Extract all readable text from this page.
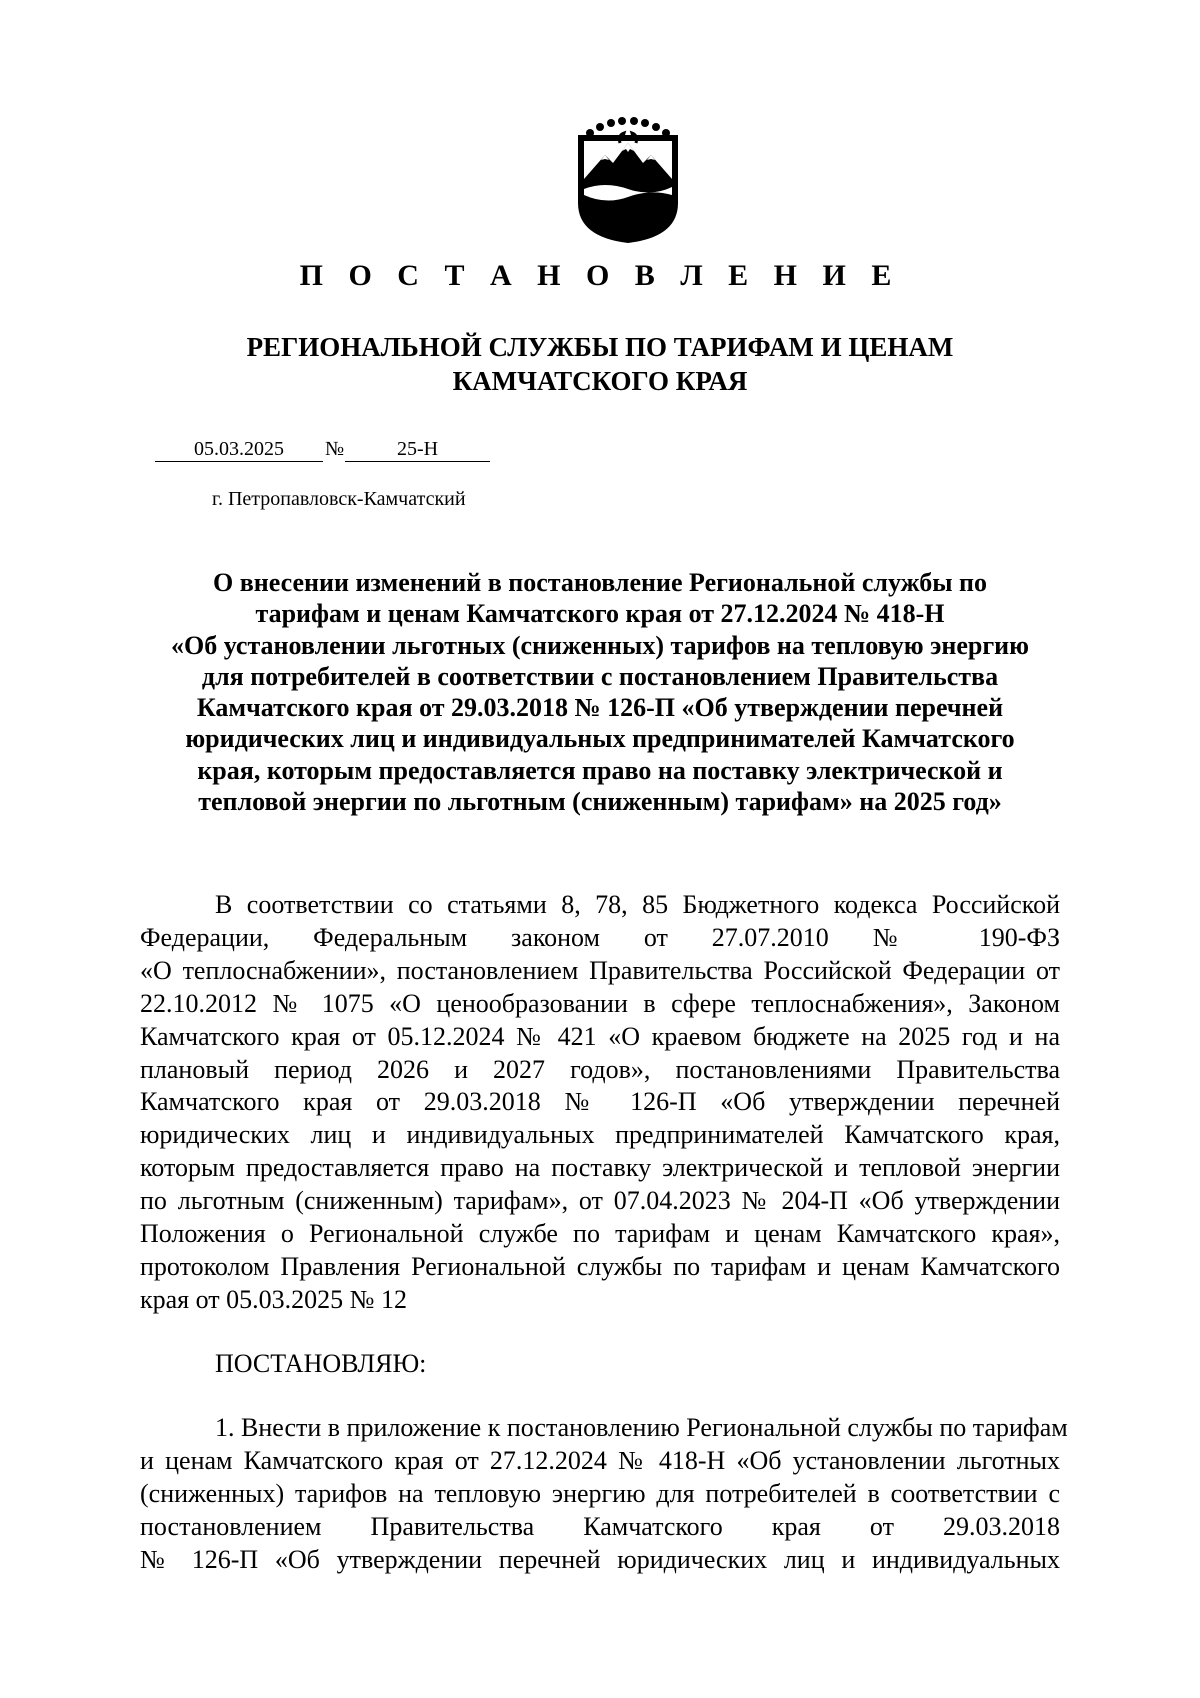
П О С Т А Н О В Л Е Н И Е
РЕГИОНАЛЬНОЙ СЛУЖБЫ ПО ТАРИФАМ И ЦЕНАМ
КАМЧАТСКОГО КРАЯ
05.03.2025 №	25-Н
г. Петропавловск-Камчатский
О внесении изменений в постановление Региональной службы по
тарифам и ценам Камчатского края от 27.12.2024 № 418-Н
«Об установлении льготных (сниженных) тарифов на тепловую энергию
для потребителей в соответствии с постановлением Правительства
Камчатского края от 29.03.2018 № 126-П «Об утверждении перечней
юридических лиц и индивидуальных предпринимателей Камчатского
края, которым предоставляется право на поставку электрической и
тепловой энергии по льготным (сниженным) тарифам» на 2025 год»
В соответствии со статьями 8, 78, 85 Бюджетного кодекса Российской
Федерации, Федеральным законом от 27.07.2010 № 190-ФЗ
«О теплоснабжении», постановлением Правительства Российской Федерации от
22.10.2012 № 1075 «О ценообразовании в сфере теплоснабжения», Законом
Камчатского края от 05.12.2024 № 421 «О краевом бюджете на 2025 год и на
плановый период 2026 и 2027 годов», постановлениями Правительства
Камчатского края от 29.03.2018 № 126-П «Об утверждении перечней
юридических лиц и индивидуальных предпринимателей Камчатского края,
которым предоставляется право на поставку электрической и тепловой энергии
по льготным (сниженным) тарифам», от 07.04.2023 № 204-П «Об утверждении
Положения о Региональной службе по тарифам и ценам Камчатского края»,
протоколом Правления Региональной службы по тарифам и ценам Камчатского
края от 05.03.2025 № 12
ПОСТАНОВЛЯЮ:
1. Внести в приложение к постановлению Региональной службы по тарифам
и ценам Камчатского края от 27.12.2024 № 418-Н «Об установлении льготных
(сниженных) тарифов на тепловую энергию для потребителей в соответствии с
постановлением Правительства Камчатского края от 29.03.2018
№ 126-П «Об утверждении перечней юридических лиц и индивидуальных
